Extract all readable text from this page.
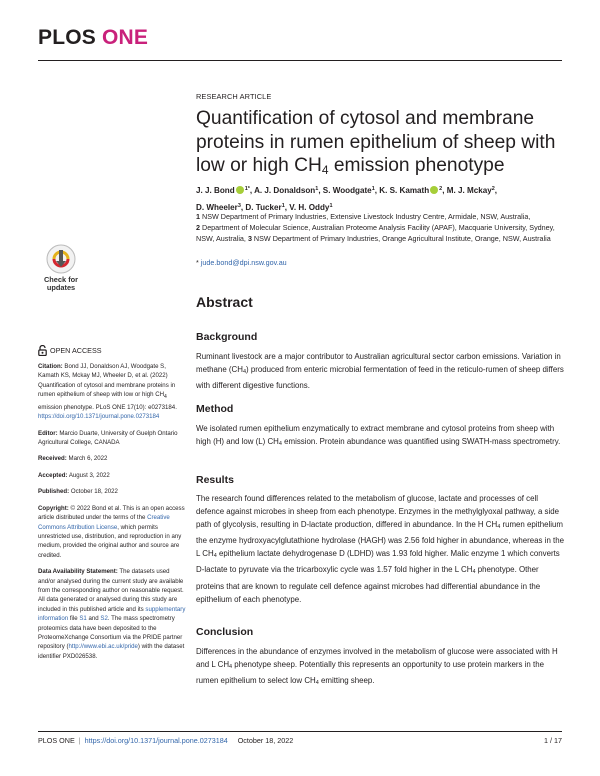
PLOS ONE
RESEARCH ARTICLE
Quantification of cytosol and membrane proteins in rumen epithelium of sheep with low or high $CH_4$ emission phenotype
J. J. Bond $^{1*}$, A. J. Donaldson$^1$, S. Woodgate$^1$, K. S. Kamath $^2$, M. J. Mckay$^2$,
D. Wheeler$^3$, D. Tucker$^1$, V. H. Oddy$^1$
1 NSW Department of Primary Industries, Extensive Livestock Industry Centre, Armidale, NSW, Australia,
2 Department of Molecular Science, Australian Proteome Analysis Facility (APAF), Macquarie University, Sydney, NSW, Australia, 3 NSW Department of Primary Industries, Orange Agricultural Institute, Orange, NSW, Australia
* jude.bond@dpi.nsw.gov.au
Check for
updates
OPEN ACCESS
Citation: Bond JJ, Donaldson AJ, Woodgate S, Kamath KS, Mckay MJ, Wheeler D, et al. (2022) Quantification of cytosol and membrane proteins in rumen epithelium of sheep with low or high $CH_4$ emission phenotype. PLoS ONE 17(10): e0273184. https://doi.org/10.1371/journal.pone.0273184
Editor: Marcio Duarte, University of Guelph Ontario Agricultural College, CANADA
Received: March 6, 2022
Accepted: August 3, 2022
Published: October 18, 2022
Copyright: © 2022 Bond et al. This is an open access article distributed under the terms of the Creative Commons Attribution License, which permits unrestricted use, distribution, and reproduction in any medium, provided the original author and source are credited.
Data Availability Statement: The datasets used and/or analysed during the current study are available from the corresponding author on reasonable request. All data generated or analysed during this study are included in this published article and its supplementary information file S1 and S2. The mass spectrometry proteomics data have been deposited to the ProteomeXchange Consortium via the PRIDE partner repository (http://www.ebi.ac.uk/pride) with the dataset identifier PXD026538.
Abstract
Background

Ruminant livestock are a major contributor to Australian agricultural sector carbon emissions. Variation in methane $(CH_4)$ produced from enteric microbial fermentation of feed in the reticulo-rumen of sheep differs with different digestive functions.

Method

We isolated rumen epithelium enzymatically to extract membrane and cytosol proteins from sheep with high (H) and low (L) $CH_4$ emission. Protein abundance was quantified using SWATH-mass spectrometry.

Results

The research found differences related to the metabolism of glucose, lactate and processes of cell defence against microbes in sheep from each phenotype. Enzymes in the methylglyoxal pathway, a side path of glycolysis, resulting in D-lactate production, differed in abundance. In the H $CH_4$ rumen epithelium the enzyme hydroxyacylglutathione hydrolase (HAGH) was 2.56 fold higher in abundance, whereas in the L $CH_4$ epithelium lactate dehydrogenase D (LDHD) was 1.93 fold higher. Malic enzyme 1 which converts D-lactate to pyruvate via the tricarboxylic cycle was 1.57 fold higher in the L $CH_4$ phenotype. Other proteins that are known to regulate cell defence against microbes had differential abundance in the epithelium of each phenotype.

Conclusion

Differences in the abundance of enzymes involved in the metabolism of glucose were associated with H and L $CH_4$ phenotype sheep. Potentially this represents an opportunity to use protein markers in the rumen epithelium to select low $CH_4$ emitting sheep.

PLOS ONE | https://doi.org/10.1371/journal.pone.0273184 October 18, 2022	1 / 17
